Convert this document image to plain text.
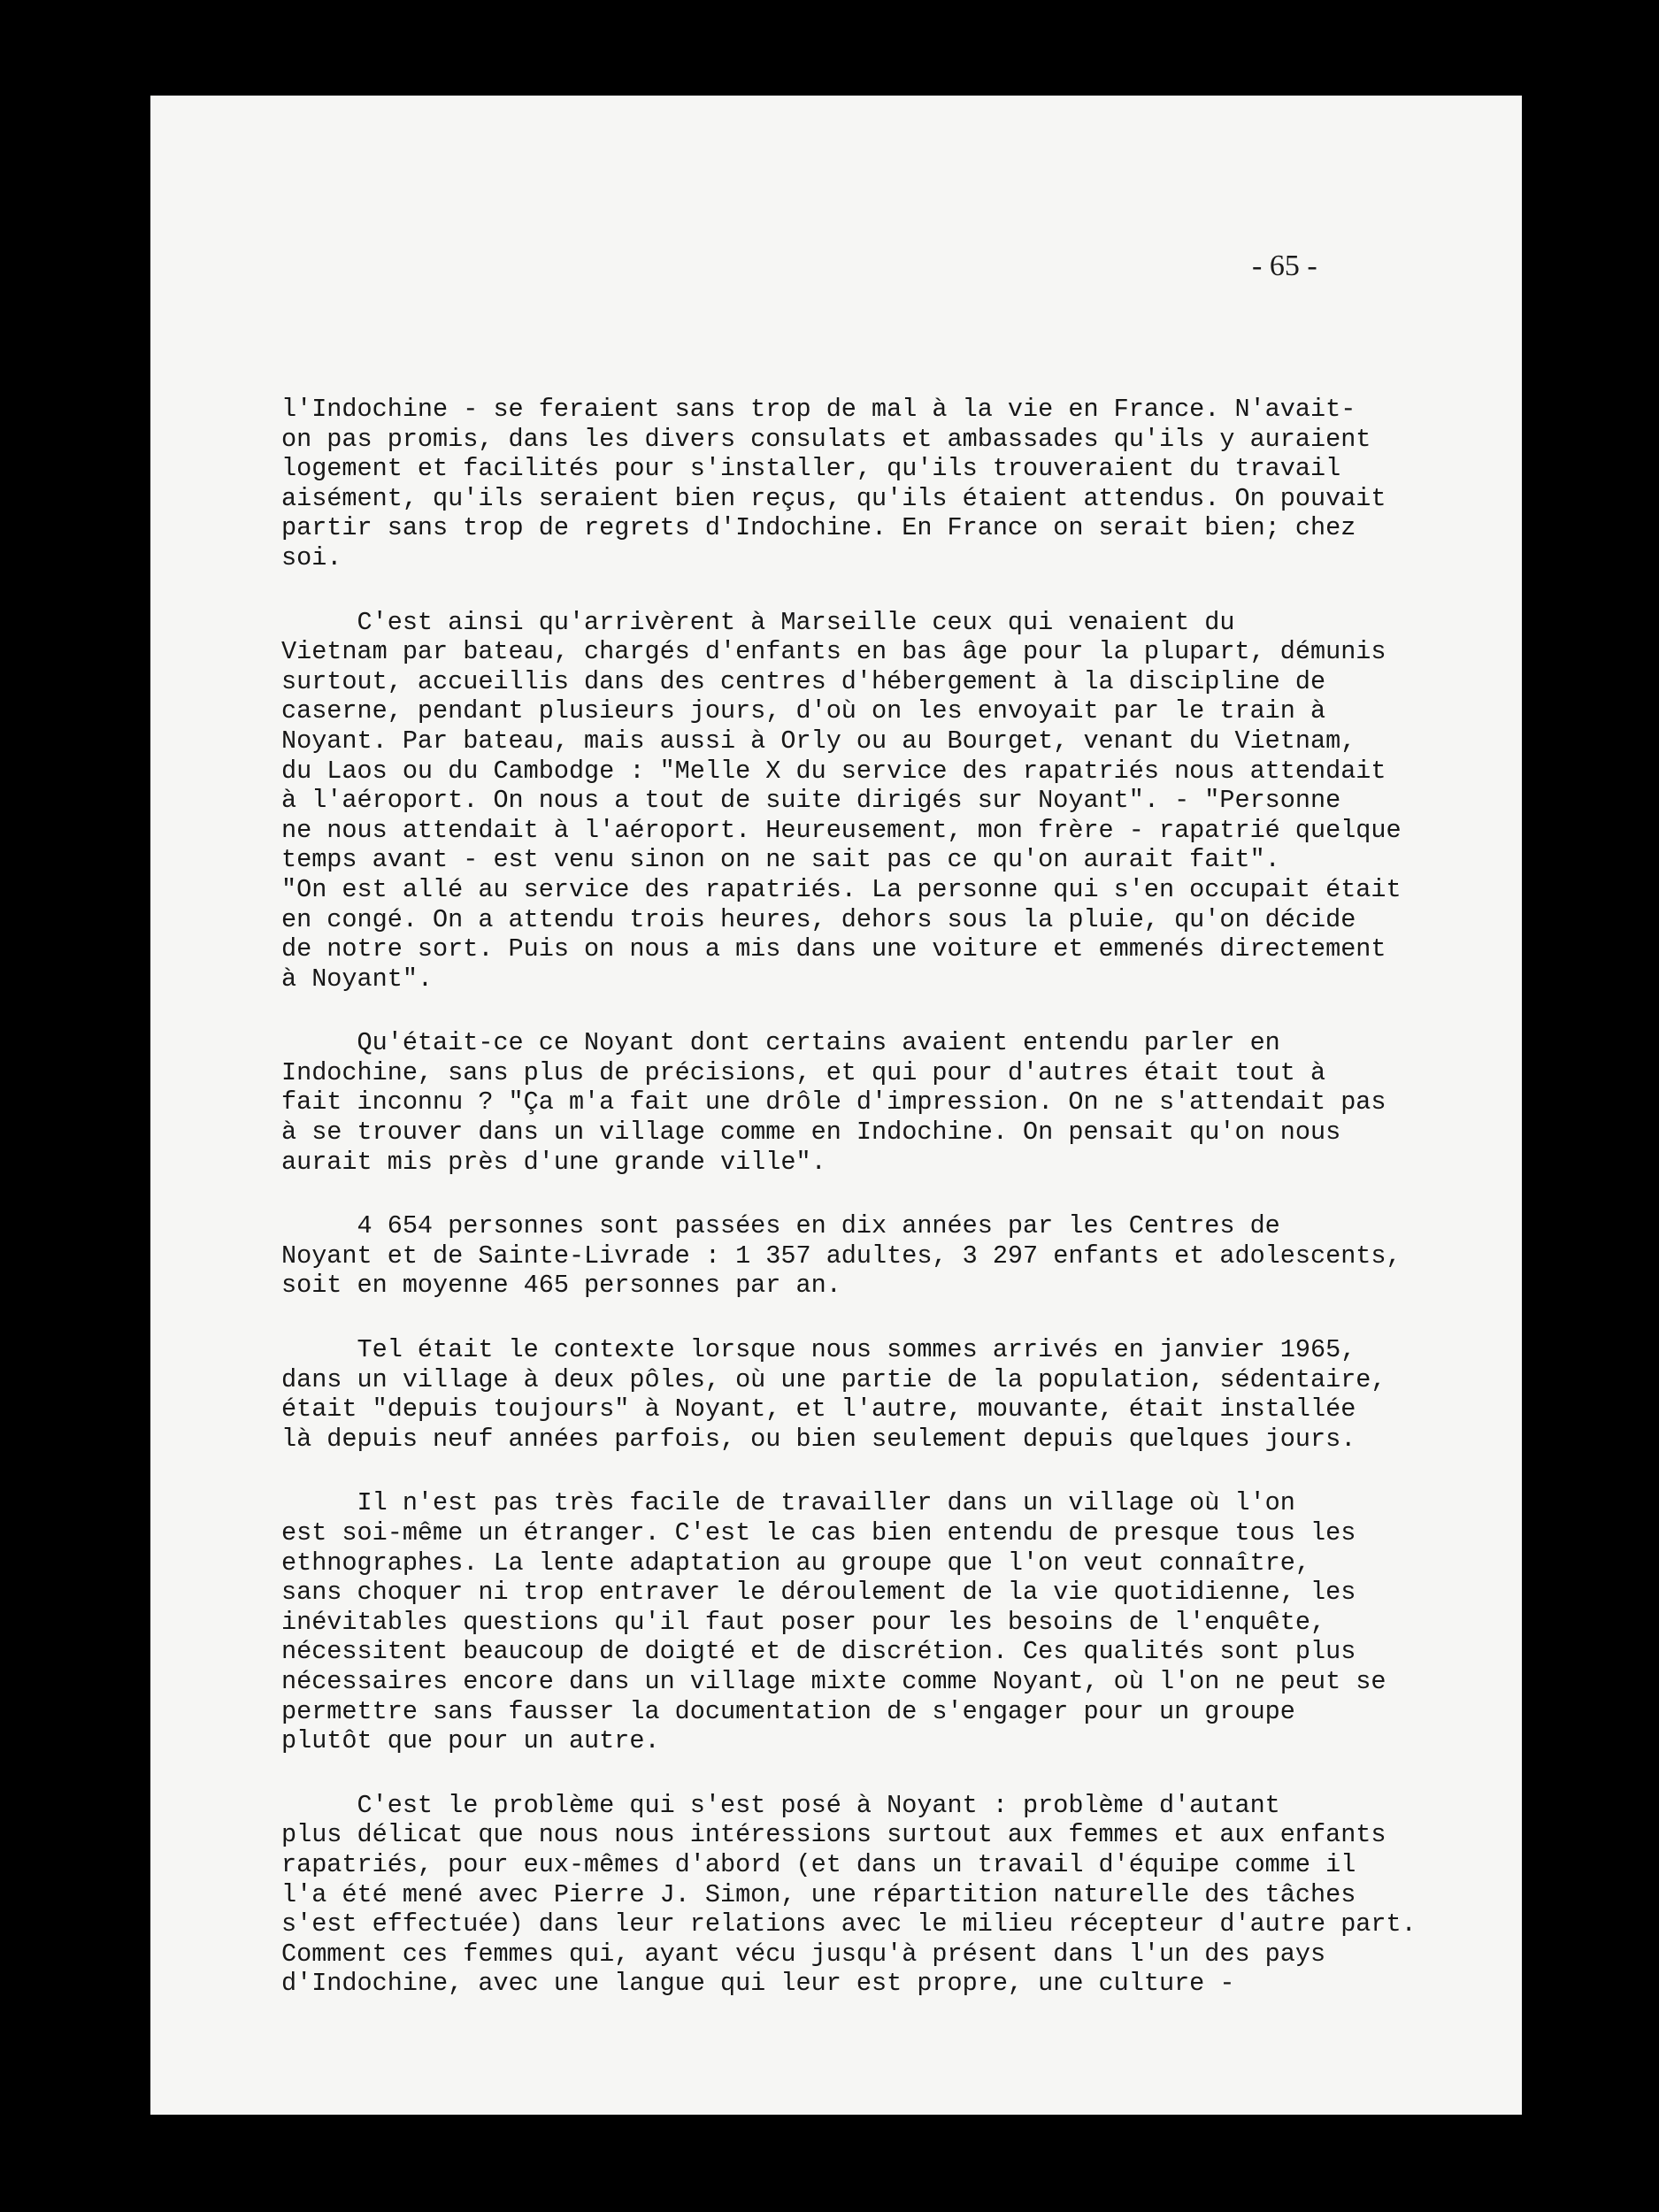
- 65 -
l'Indochine - se feraient sans trop de mal à la vie en France. N'avait-
on pas promis, dans les divers consulats et ambassades qu'ils y auraient
logement et facilités pour s'installer, qu'ils trouveraient du travail
aisément, qu'ils seraient bien reçus, qu'ils étaient attendus. On pouvait
partir sans trop de regrets d'Indochine. En France on serait bien; chez
soi.
C'est ainsi qu'arrivèrent à Marseille ceux qui venaient du
Vietnam par bateau, chargés d'enfants en bas âge pour la plupart, démunis
surtout, accueillis dans des centres d'hébergement à la discipline de
caserne, pendant plusieurs jours, d'où on les envoyait par le train à
Noyant. Par bateau, mais aussi à Orly ou au Bourget, venant du Vietnam,
du Laos ou du Cambodge : "Melle X du service des rapatriés nous attendait
à l'aéroport. On nous a tout de suite dirigés sur Noyant". - "Personne
ne nous attendait à l'aéroport. Heureusement, mon frère - rapatrié quelque
temps avant - est venu sinon on ne sait pas ce qu'on aurait fait".
"On est allé au service des rapatriés. La personne qui s'en occupait était
en congé. On a attendu trois heures, dehors sous la pluie, qu'on décide
de notre sort. Puis on nous a mis dans une voiture et emmenés directement
à Noyant".
Qu'était-ce ce Noyant dont certains avaient entendu parler en
Indochine, sans plus de précisions, et qui pour d'autres était tout à
fait inconnu ? "Ça m'a fait une drôle d'impression. On ne s'attendait pas
à se trouver dans un village comme en Indochine. On pensait qu'on nous
aurait mis près d'une grande ville".
4 654 personnes sont passées en dix années par les Centres de
Noyant et de Sainte-Livrade : 1 357 adultes, 3 297 enfants et adolescents,
soit en moyenne 465 personnes par an.
Tel était le contexte lorsque nous sommes arrivés en janvier 1965,
dans un village à deux pôles, où une partie de la population, sédentaire,
était "depuis toujours" à Noyant, et l'autre, mouvante, était installée
là depuis neuf années parfois, ou bien seulement depuis quelques jours.
Il n'est pas très facile de travailler dans un village où l'on
est soi-même un étranger. C'est le cas bien entendu de presque tous les
ethnographes. La lente adaptation au groupe que l'on veut connaître,
sans choquer ni trop entraver le déroulement de la vie quotidienne, les
inévitables questions qu'il faut poser pour les besoins de l'enquête,
nécessitent beaucoup de doigté et de discrétion. Ces qualités sont plus
nécessaires encore dans un village mixte comme Noyant, où l'on ne peut se
permettre sans fausser la documentation de s'engager pour un groupe
plutôt que pour un autre.
C'est le problème qui s'est posé à Noyant : problème d'autant
plus délicat que nous nous intéressions surtout aux femmes et aux enfants
rapatriés, pour eux-mêmes d'abord (et dans un travail d'équipe comme il
l'a été mené avec Pierre J. Simon, une répartition naturelle des tâches
s'est effectuée) dans leur relations avec le milieu récepteur d'autre part.
Comment ces femmes qui, ayant vécu jusqu'à présent dans l'un des pays
d'Indochine, avec une langue qui leur est propre, une culture -
